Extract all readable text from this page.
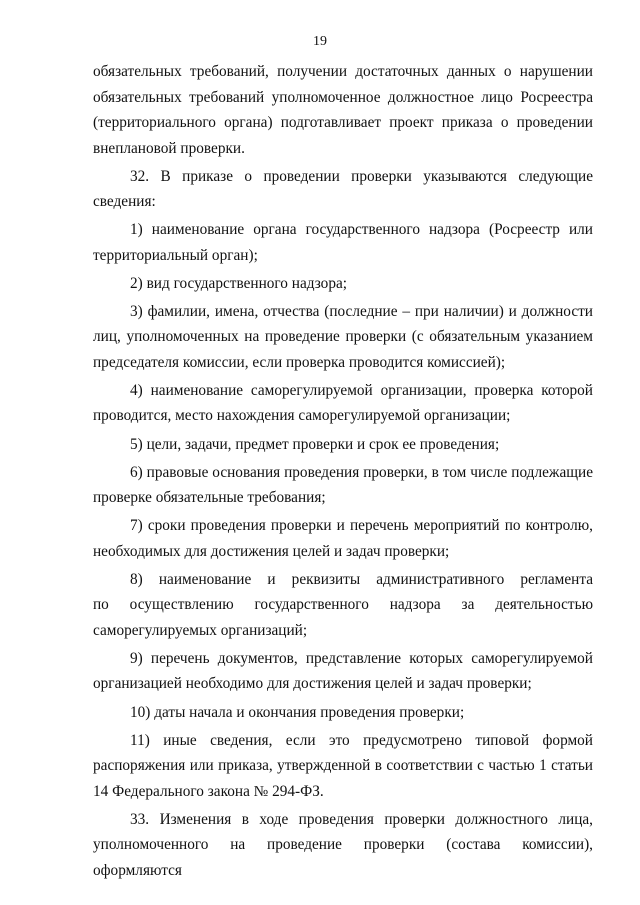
19

обязательных требований, получении достаточных данных о нарушении обязательных требований уполномоченное должностное лицо Росреестра (территориального органа) подготавливает проект приказа о проведении внеплановой проверки.

32. В приказе о проведении проверки указываются следующие сведения:

1) наименование органа государственного надзора (Росреестр или территориальный орган);

2) вид государственного надзора;

3) фамилии, имена, отчества (последние – при наличии) и должности лиц, уполномоченных на проведение проверки (с обязательным указанием председателя комиссии, если проверка проводится комиссией);

4) наименование саморегулируемой организации, проверка которой проводится, место нахождения саморегулируемой организации;

5) цели, задачи, предмет проверки и срок ее проведения;

6) правовые основания проведения проверки, в том числе подлежащие проверке обязательные требования;

7) сроки проведения проверки и перечень мероприятий по контролю, необходимых для достижения целей и задач проверки;

8) наименование и реквизиты административного регламента
по осуществлению государственного надзора за деятельностью
саморегулируемых организаций;

9) перечень документов, представление которых саморегулируемой организацией необходимо для достижения целей и задач проверки;

10) даты начала и окончания проведения проверки;

11) иные сведения, если это предусмотрено типовой формой распоряжения или приказа, утвержденной в соответствии с частью 1 статьи 14 Федерального закона № 294-ФЗ.

33. Изменения в ходе проведения проверки должностного лица, уполномоченного на проведение проверки (состава комиссии), оформляются
